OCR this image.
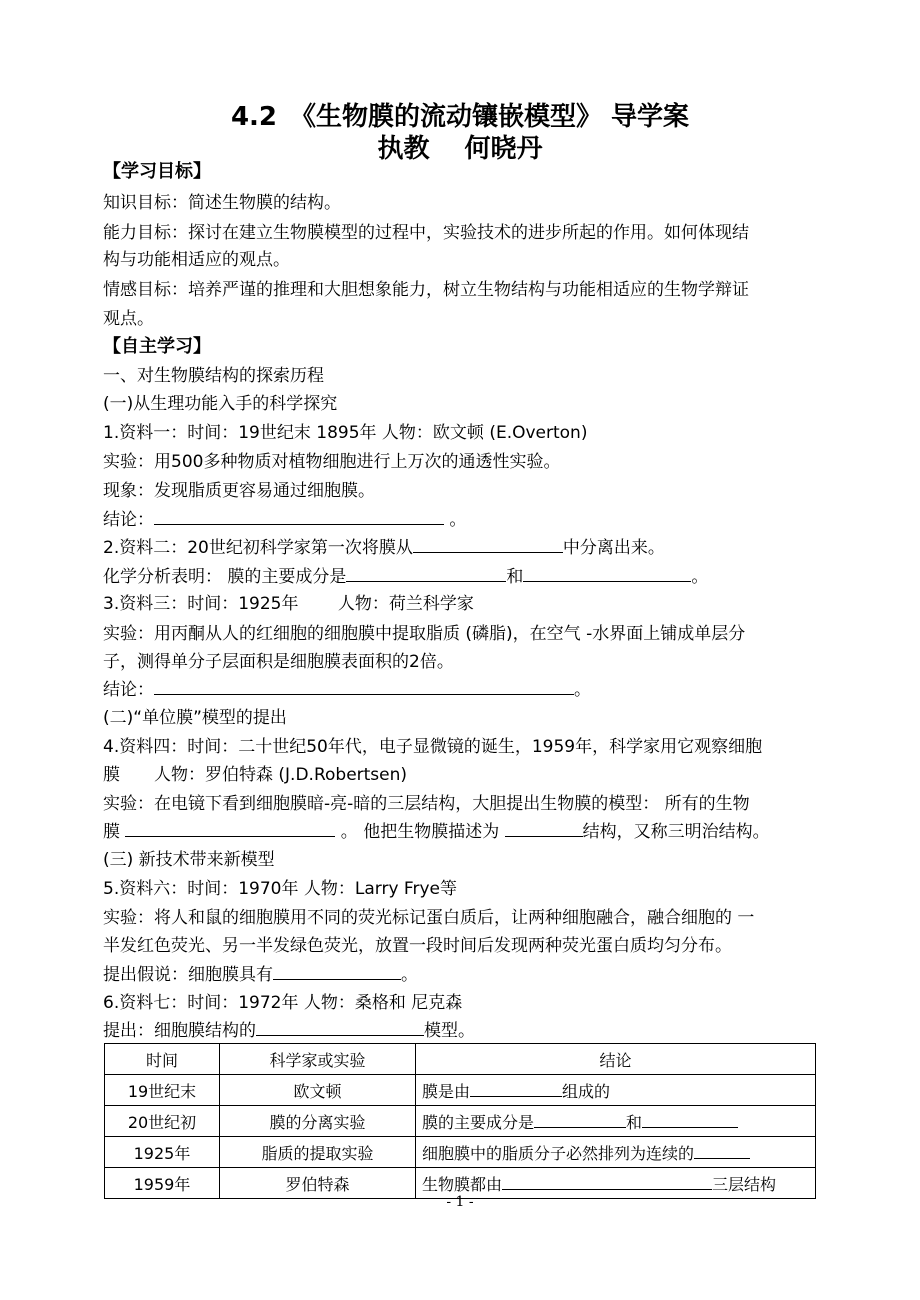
4.2　《生物膜的流动镶嵌模型》 导学案
执教　 何晓丹
【学习目标】
知识目标：简述生物膜的结构。
能力目标：探讨在建立生物膜模型的过程中，实验技术的进步所起的作用。如何体现结
构与功能相适应的观点。
情感目标：培养严谨的推理和大胆想象能力，树立生物结构与功能相适应的生物学辩证
观点。
【自主学习】
一、对生物膜结构的探索历程
(一)从生理功能入手的科学探究
1.资料一：时间：19世纪末 1895年 人物：欧文顿 (E.Overton)
实验：用500多种物质对植物细胞进行上万次的通透性实验。
现象：发现脂质更容易通过细胞膜。
结论：	。
2.资料二：20世纪初科学家第一次将膜从	中分离出来。
化学分析表明： 膜的主要成分是	和	。
3.资料三：时间：1925年　　 人物：荷兰科学家
实验：用丙酮从人的红细胞的细胞膜中提取脂质 (磷脂)，在空气 -水界面上铺成单层分
子，测得单分子层面积是细胞膜表面积的2倍。
结论：	。
(二)“单位膜”模型的提出
4.资料四：时间：二十世纪50年代，电子显微镜的诞生，1959年，科学家用它观察细胞
膜　　人物：罗伯特森 (J.D.Robertsen)
实验：在电镜下看到细胞膜暗-亮-暗的三层结构，大胆提出生物膜的模型： 所有的生物
膜	。 他把生物膜描述为	结构，又称三明治结构。
(三) 新技术带来新模型
5.资料六：时间：1970年 人物：Larry Frye等
实验：将人和鼠的细胞膜用不同的荧光标记蛋白质后，让两种细胞融合，融合细胞的 一
半发红色荧光、另一半发绿色荧光，放置一段时间后发现两种荧光蛋白质均匀分布。
提出假说：细胞膜具有	。
6.资料七：时间：1972年 人物：桑格和 尼克森
提出：细胞膜结构的	模型。
时间	科学家或实验	结论
19世纪末	欧文顿	膜是由 组成的
20世纪初	膜的分离实验	膜的主要成分是 和
1925年	脂质的提取实验	细胞膜中的脂质分子必然排列为连续的
1959年	罗伯特森	生物膜都由 三层结构
- 1 -
